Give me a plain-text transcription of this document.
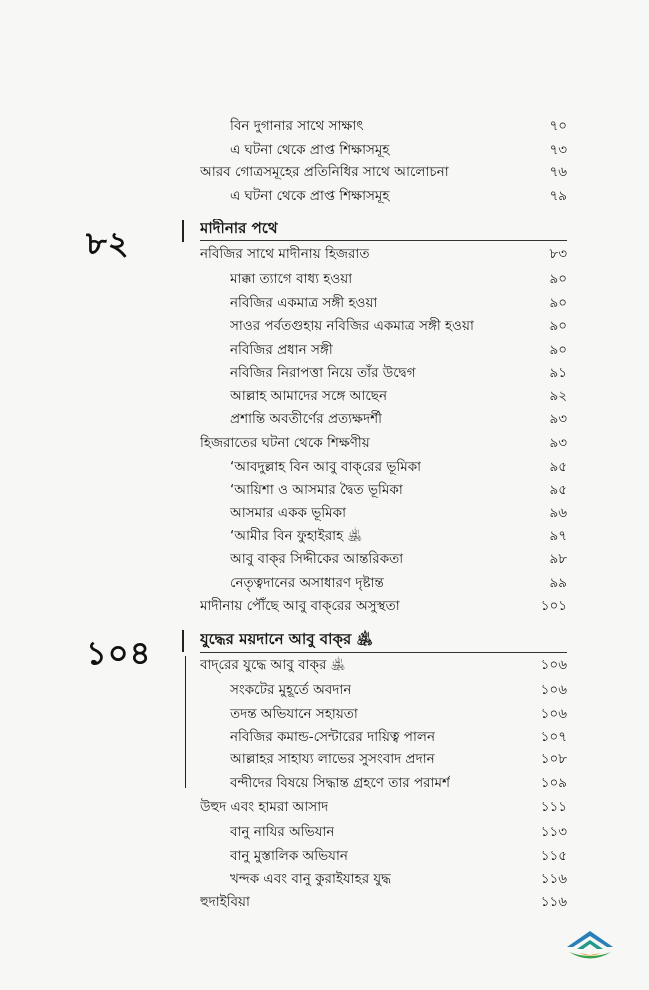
বিন দুগানার সাথে সাক্ষাৎ	৭০
এ ঘটনা থেকে প্রাপ্ত শিক্ষাসমূহ	৭৩
আরব গোত্রসমূহের প্রতিনিধির সাথে আলোচনা	৭৬
এ ঘটনা থেকে প্রাপ্ত শিক্ষাসমূহ	৭৯
৮২	মাদীনার পথে
নবিজির সাথে মাদীনায় হিজরাত	৮৩
মাক্কা ত্যাগে বাধ্য হওয়া	৯০
নবিজির একমাত্র সঙ্গী হওয়া	৯০
সাওর পর্বতগুহায় নবিজির একমাত্র সঙ্গী হওয়া	৯০
নবিজির প্রধান সঙ্গী	৯০
নবিজির নিরাপত্তা নিয়ে তাঁর উদ্বেগ	৯১
আল্লাহ আমাদের সঙ্গে আছেন	৯২
প্রশান্তি অবতীর্ণের প্রত্যক্ষদর্শী	৯৩
হিজরাতের ঘটনা থেকে শিক্ষণীয়	৯৩
‘আবদুল্লাহ বিন আবু বাক্‌রের ভূমিকা	৯৫
‘আয়িশা ও আসমার দ্বৈত ভূমিকা	৯৫
আসমার একক ভূমিকা	৯৬
‘আমীর বিন ফুহাইরাহ ﵁	৯৭
আবু বাক্‌র সিদ্দীকের আন্তরিকতা	৯৮
নেতৃত্বদানের অসাধারণ দৃষ্টান্ত	৯৯
মাদীনায় পৌঁছে আবু বাক্‌রের অসুস্থতা	১০১
১০৪	যুদ্ধের ময়দানে আবু বাক্‌র ﵁
বাদ্‌রের যুদ্ধে আবু বাক্‌র ﵁	১০৬
সংকটের মুহূর্তে অবদান	১০৬
তদন্ত অভিযানে সহায়তা	১০৬
নবিজির কমান্ড-সেন্টারের দায়িত্ব পালন	১০৭
আল্লাহর সাহায্য লাভের সুসংবাদ প্রদান	১০৮
বন্দীদের বিষয়ে সিদ্ধান্ত গ্রহণে তার পরামর্শ	১০৯
উহুদ এবং হামরা আসাদ	১১১
বানু নাযির অভিযান	১১৩
বানু মুস্তালিক অভিযান	১১৫
খন্দক এবং বানু কুরাইযাহর যুদ্ধ	১১৬
হুদাইবিয়া	১১৬
